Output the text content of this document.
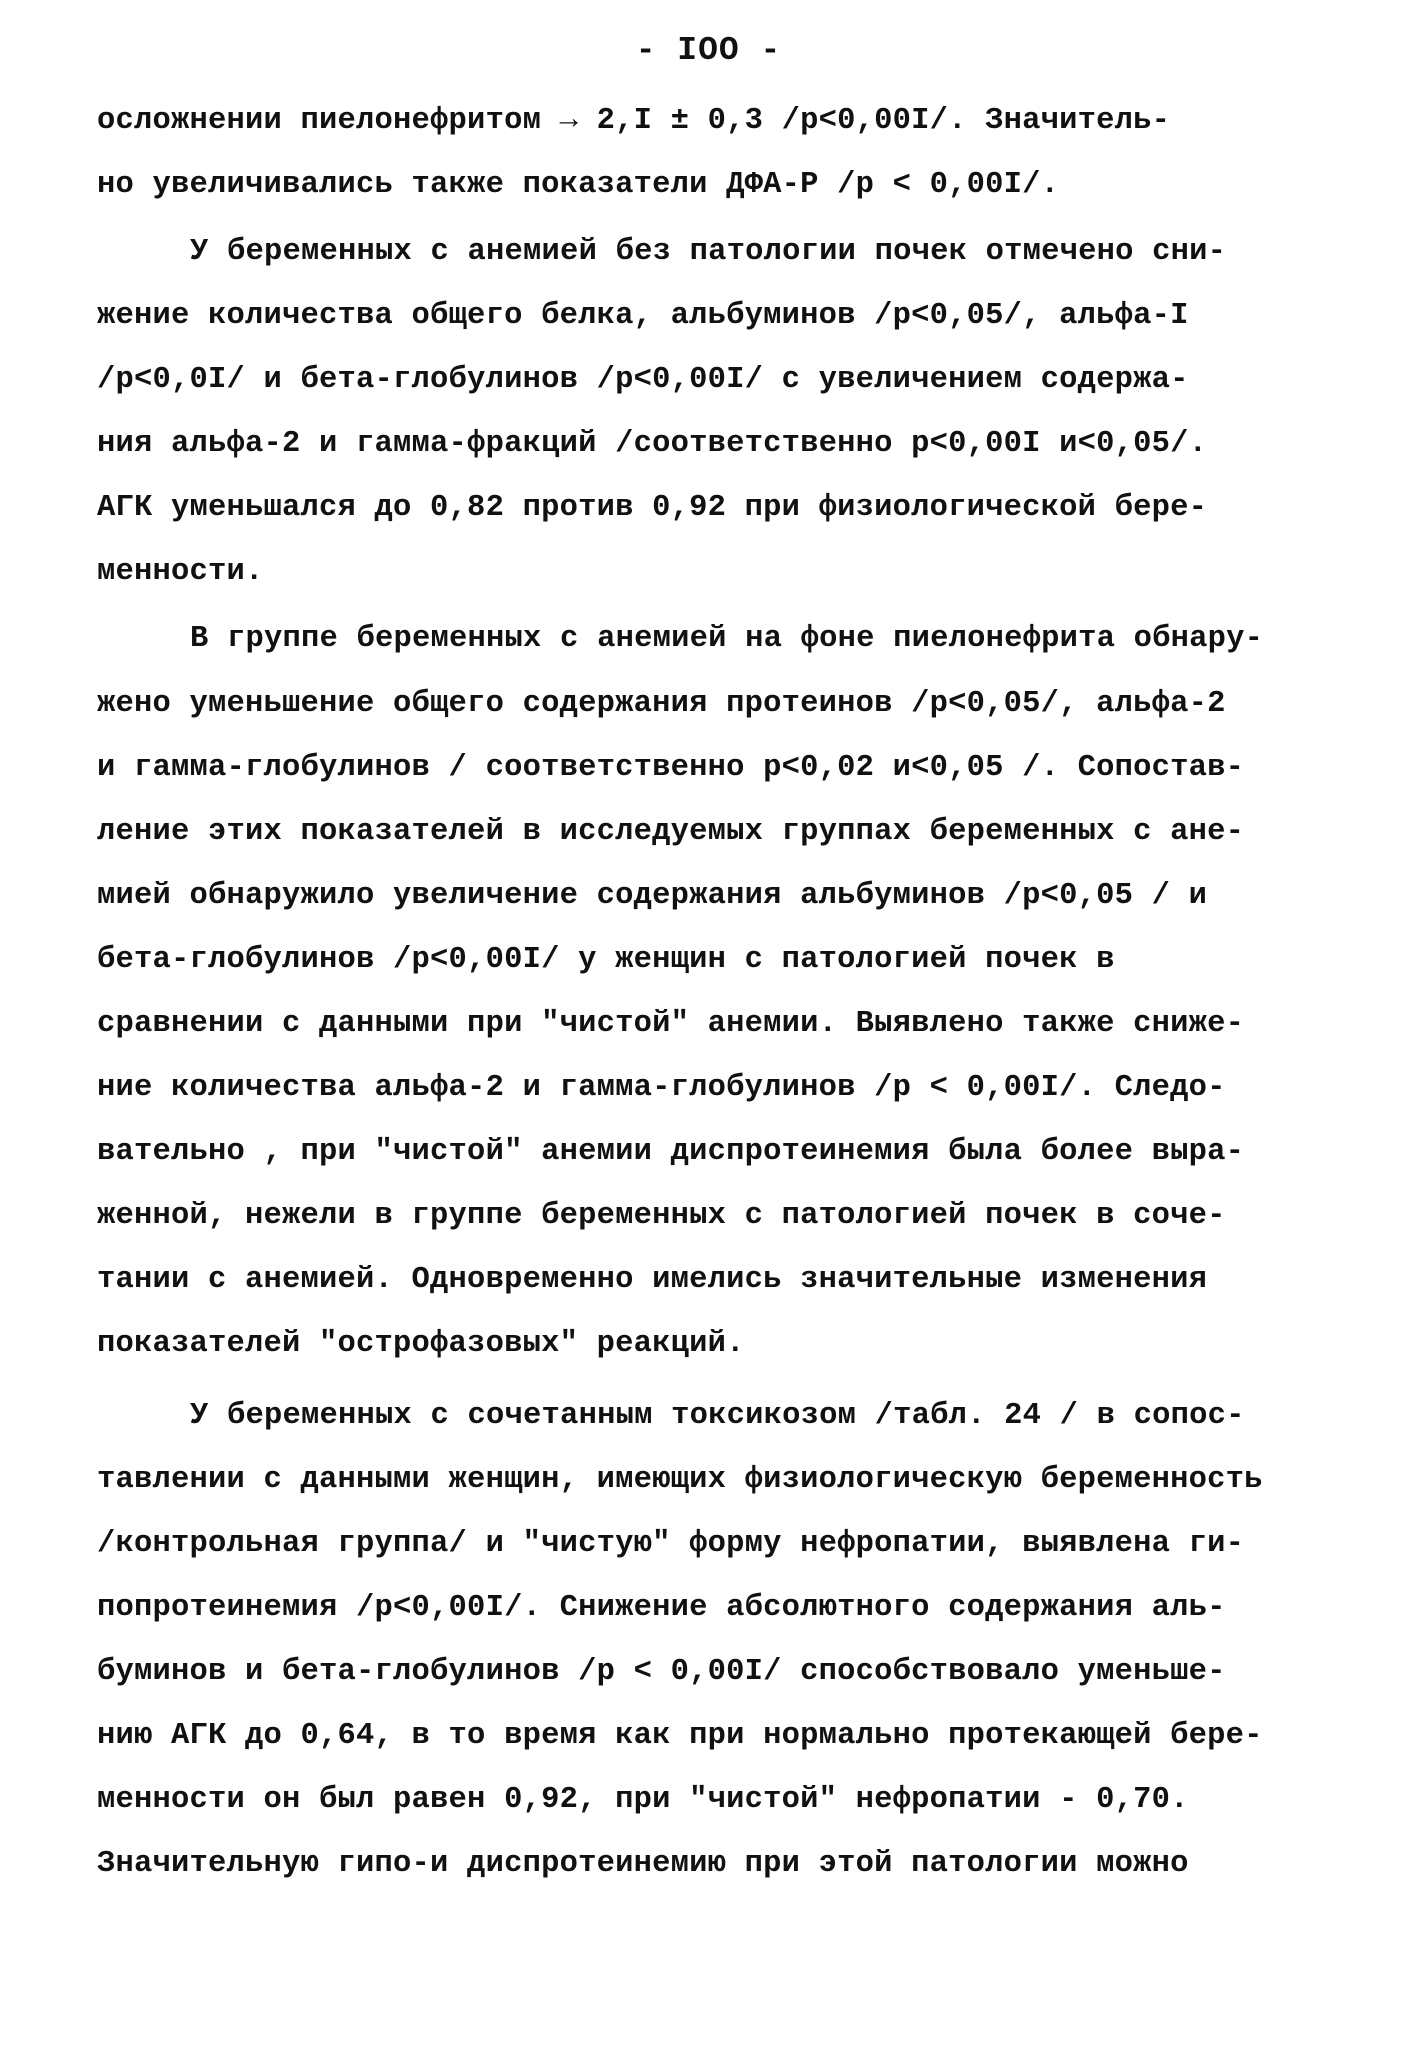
- IOO -
осложнении пиелонефритом → 2,I ± 0,3 /р<0,00I/. Значитель-
но увеличивались также показатели ДФА-Р /р < 0,00I/.
У беременных с анемией без патологии почек отмечено сни-
жение количества общего белка, альбуминов /р<0,05/, альфа-I
/р<0,0I/ и бета-глобулинов /р<0,00I/ с увеличением содержа-
ния альфа-2 и гамма-фракций /соответственно р<0,00I и<0,05/.
АГК уменьшался до 0,82 против 0,92 при физиологической бере-
менности.
В группе беременных с анемией на фоне пиелонефрита обнару-
жено уменьшение общего содержания протеинов /р<0,05/, альфа-2
и гамма-глобулинов / соответственно р<0,02 и<0,05 /. Сопостав-
ление этих показателей в исследуемых группах беременных с ане-
мией обнаружило увеличение содержания альбуминов /р<0,05 / и
бета-глобулинов /р<0,00I/ у женщин с патологией почек в
сравнении с данными при "чистой" анемии. Выявлено также сниже-
ние количества альфа-2 и гамма-глобулинов /р < 0,00I/. Следо-
вательно , при "чистой" анемии диспротеинемия была более выра-
женной, нежели в группе беременных с патологией почек в соче-
тании с анемией. Одновременно имелись значительные изменения
показателей "острофазовых" реакций.
У беременных с сочетанным токсикозом /табл. 24 / в сопос-
тавлении с данными женщин, имеющих физиологическую беременность
/контрольная группа/ и "чистую" форму нефропатии, выявлена ги-
попротеинемия /р<0,00I/. Снижение абсолютного содержания аль-
буминов и бета-глобулинов /р < 0,00I/ способствовало уменьше-
нию АГК до 0,64, в то время как при нормально протекающей бере-
менности он был равен 0,92, при "чистой" нефропатии - 0,70.
Значительную гипо-и диспротеинемию при этой патологии можно
